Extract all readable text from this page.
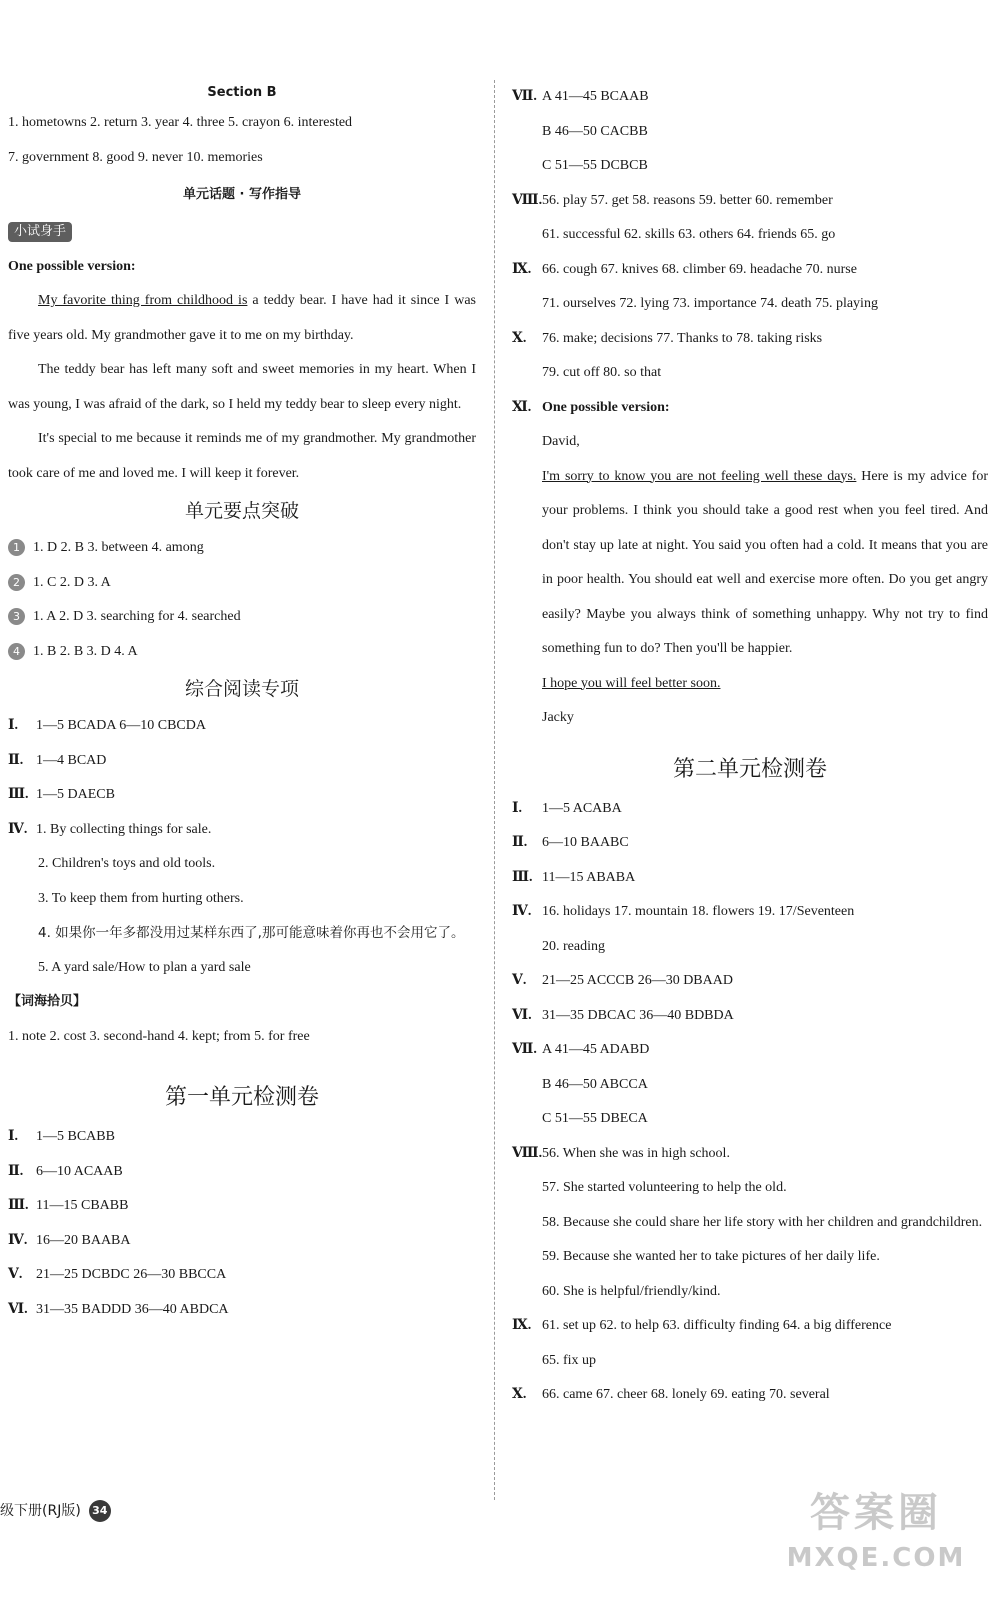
Section B
1. hometowns 2. return 3. year 4. three 5. crayon 6. interested
7. government 8. good 9. never 10. memories
单元话题 · 写作指导
小试身手
One possible version:
My favorite thing from childhood is a teddy bear. I have had it since I was five years old. My grandmother gave it to me on my birthday.
The teddy bear has left many soft and sweet memories in my heart. When I was young, I was afraid of the dark, so I held my teddy bear to sleep every night.
It's special to me because it reminds me of my grandmother. My grandmother took care of me and loved me. I will keep it forever.
单元要点突破
1 1. D 2. B 3. between 4. among
2 1. C 2. D 3. A
3 1. A 2. D 3. searching for 4. searched
4 1. B 2. B 3. D 4. A
综合阅读专项
Ⅰ. 1—5 BCADA 6—10 CBCDA
Ⅱ. 1—4 BCAD
Ⅲ. 1—5 DAECB
Ⅳ. 1. By collecting things for sale.
2. Children's toys and old tools.
3. To keep them from hurting others.
4. 如果你一年多都没用过某样东西了,那可能意味着你再也不会用它了。
5. A yard sale/How to plan a yard sale
【词海拾贝】
1. note 2. cost 3. second-hand 4. kept; from 5. for free
第一单元检测卷
Ⅰ. 1—5 BCABB
Ⅱ. 6—10 ACAAB
Ⅲ. 11—15 CBABB
Ⅳ. 16—20 BAABA
Ⅴ. 21—25 DCBDC 26—30 BBCCA
Ⅵ. 31—35 BADDD 36—40 ABDCA
Ⅶ. A 41—45 BCAAB
B 46—50 CACBB
C 51—55 DCBCB
Ⅷ.56. play 57. get 58. reasons 59. better 60. remember
61. successful 62. skills 63. others 64. friends 65. go
Ⅸ. 66. cough 67. knives 68. climber 69. headache 70. nurse
71. ourselves 72. lying 73. importance 74. death 75. playing
Ⅹ. 76. make; decisions 77. Thanks to 78. taking risks
79. cut off 80. so that
Ⅺ. One possible version:
David,
I'm sorry to know you are not feeling well these days. Here is my advice for your problems. I think you should take a good rest when you feel tired. And don't stay up late at night. You said you often had a cold. It means that you are in poor health. You should eat well and exercise more often. Do you get angry easily? Maybe you always think of something unhappy. Why not try to find something fun to do? Then you'll be happier.
I hope you will feel better soon.
Jacky
第二单元检测卷
Ⅰ. 1—5 ACABA
Ⅱ. 6—10 BAABC
Ⅲ. 11—15 ABABA
Ⅳ. 16. holidays 17. mountain 18. flowers 19. 17/Seventeen
20. reading
Ⅴ. 21—25 ACCCB 26—30 DBAAD
Ⅵ. 31—35 DBCAC 36—40 BDBDA
Ⅶ. A 41—45 ADABD
B 46—50 ABCCA
C 51—55 DBECA
Ⅷ.56. When she was in high school.
57. She started volunteering to help the old.
58. Because she could share her life story with her children and grandchildren.
59. Because she wanted her to take pictures of her daily life.
60. She is helpful/friendly/kind.
Ⅸ. 61. set up 62. to help 63. difficulty finding 64. a big difference
65. fix up
Ⅹ. 66. came 67. cheer 68. lonely 69. eating 70. several
级下册(RJ版) 34	答案圈
MXQE.COM
